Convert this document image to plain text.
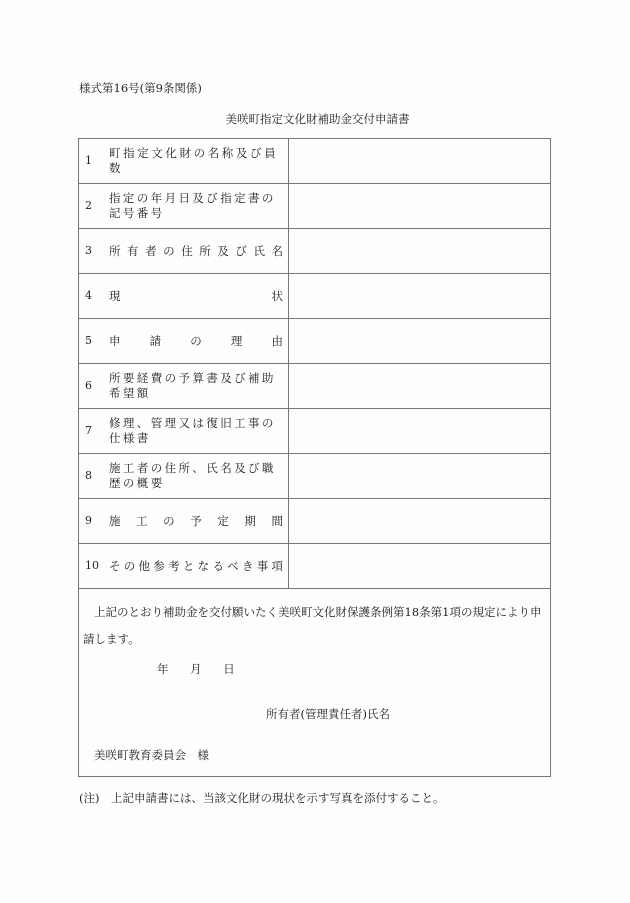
様式第16号(第9条関係)
美咲町指定文化財補助金交付申請書
1
町指定文化財の名称及び員数
2
指定の年月日及び指定書の記号番号
3 所有者の住所及び氏名
4 現状
5 申請の理由
6
所要経費の予算書及び補助希望額
7
修理、管理又は復旧工事の仕様書
8
施工者の住所、氏名及び職歴の概要
9 施工の予定期間
10 その他参考となるべき事項
上記のとおり補助金を交付願いたく美咲町文化財保護条例第18条第1項の規定により申請します。
年 月 日
所有者(管理責任者)氏名
美咲町教育委員会　様
(注)　上記申請書には、当該文化財の現状を示す写真を添付すること。
